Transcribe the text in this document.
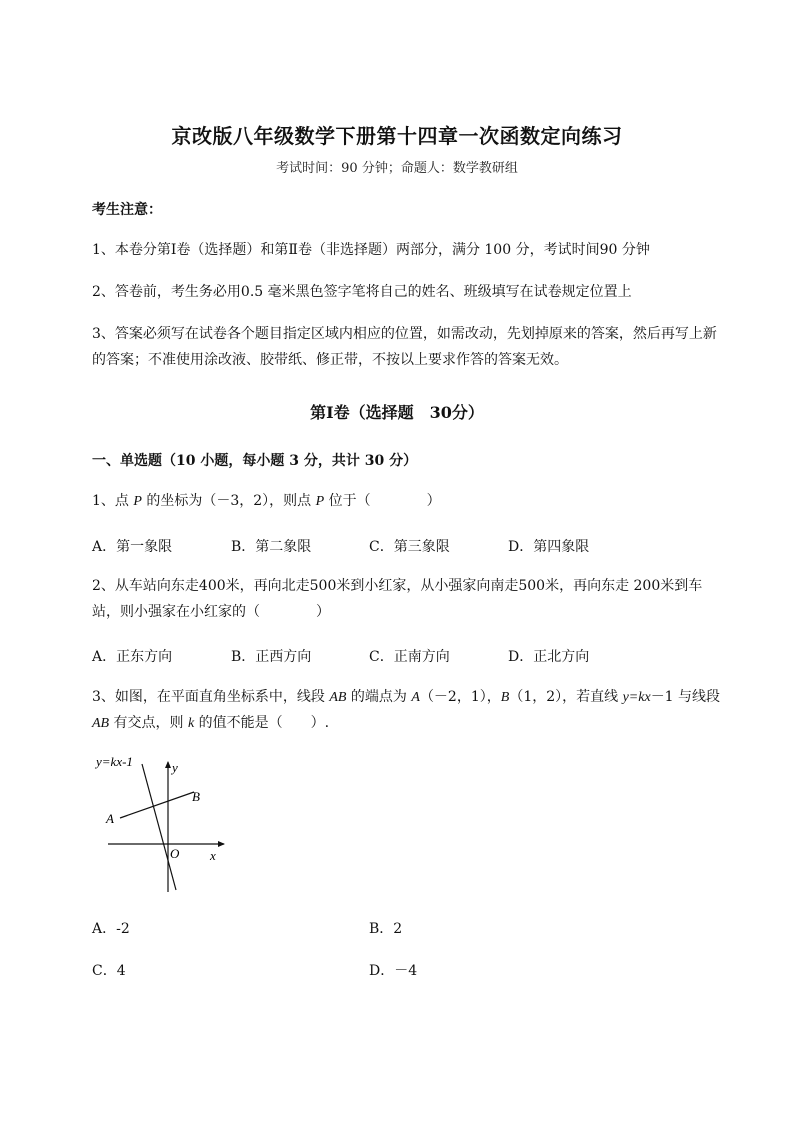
京改版八年级数学下册第十四章一次函数定向练习
考试时间：90 分钟；命题人：数学教研组
考生注意：
1、本卷分第Ⅰ卷（选择题）和第Ⅱ卷（非选择题）两部分，满分 100 分，考试时间90 分钟
2、答卷前，考生务必用0.5 毫米黑色签字笔将自己的姓名、班级填写在试卷规定位置上
3、答案必须写在试卷各个题目指定区域内相应的位置，如需改动，先划掉原来的答案，然后再写上新
的答案；不准使用涂改液、胶带纸、修正带，不按以上要求作答的答案无效。
第Ⅰ卷（选择题　30分）
一、单选题（10 小题，每小题 3 分，共计 30 分）
1、点 P 的坐标为（－3，2），则点 P 位于（　　　　）
A．第一象限	B．第二象限	C．第三象限	D．第四象限
2、从车站向东走400米，再向北走500米到小红家，从小强家向南走500米，再向东走 200米到车
站，则小强家在小红家的（　　　　）
A．正东方向	B．正西方向	C．正南方向	D．正北方向
3、如图，在平面直角坐标系中，线段 AB 的端点为 A（－2，1），B（1，2），若直线 y=kx－1 与线段
AB 有交点，则 k 的值不能是（　　）.
y=kx-1	y
x
O
A
B
A．-2	B．2
C．4	D．－4
